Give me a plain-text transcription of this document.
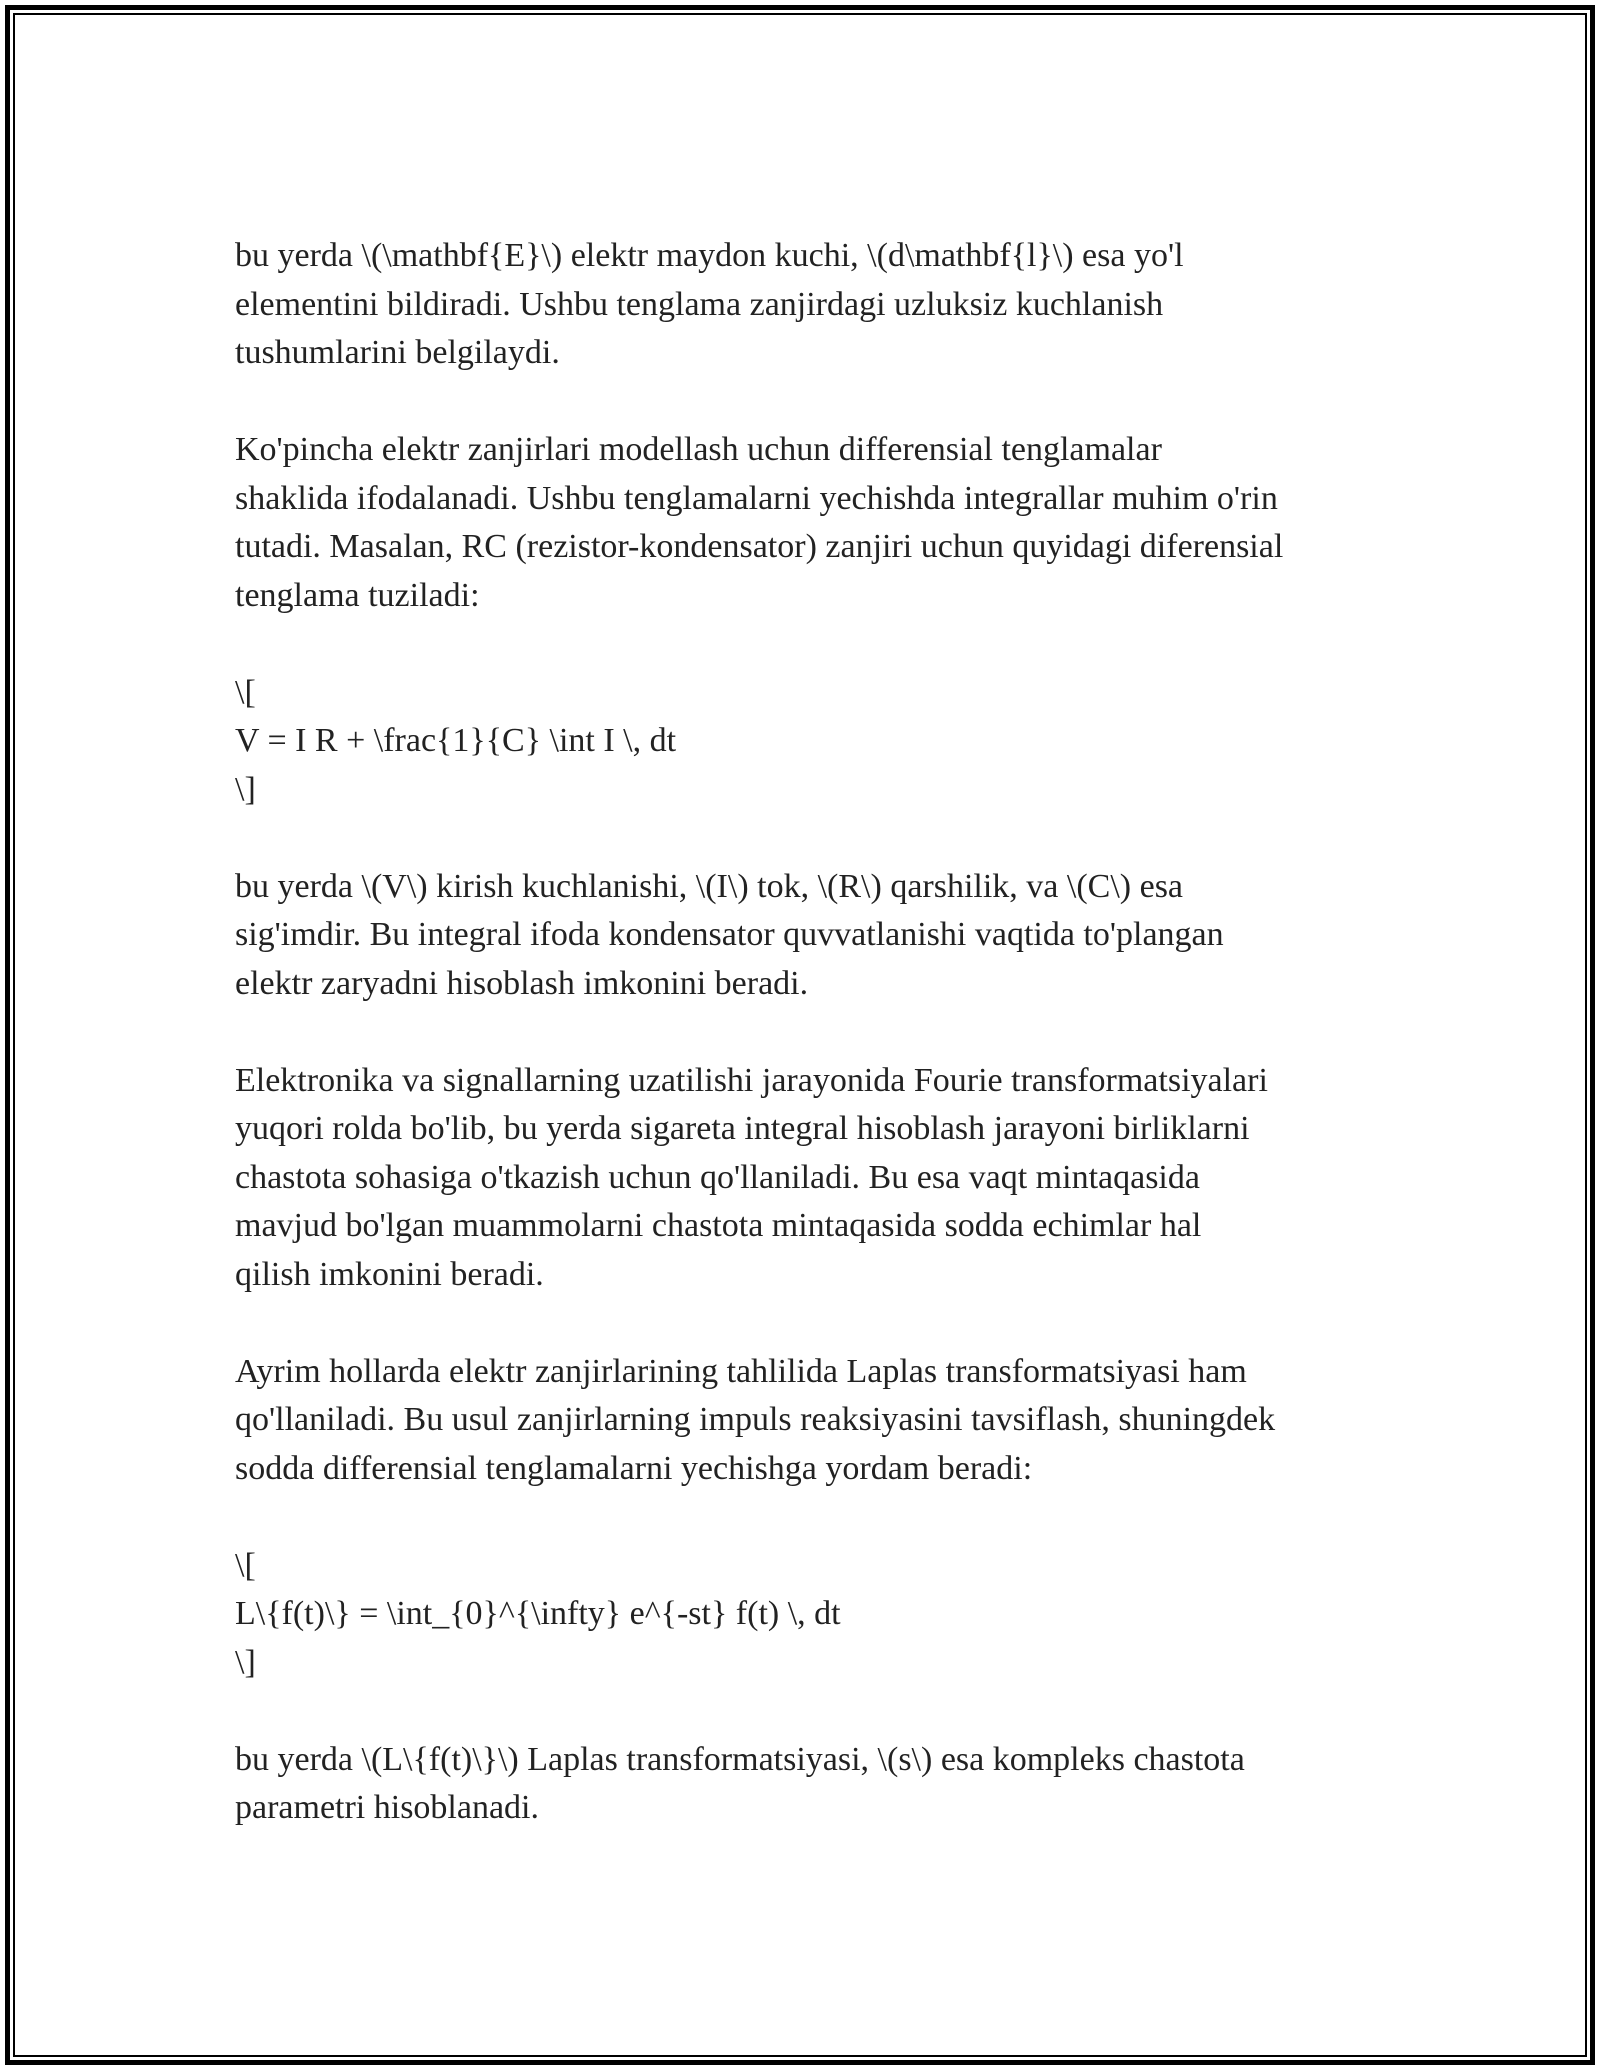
bu yerda \(\mathbf{E}\) elektr maydon kuchi, \(d\mathbf{l}\) esa yo'l
elementini bildiradi. Ushbu tenglama zanjirdagi uzluksiz kuchlanish
tushumlarini belgilaydi.

Ko'pincha elektr zanjirlari modellash uchun differensial tenglamalar
shaklida ifodalanadi. Ushbu tenglamalarni yechishda integrallar muhim o'rin
tutadi. Masalan, RC (rezistor-kondensator) zanjiri uchun quyidagi diferensial
tenglama tuziladi:

\[
V = I R + \frac{1}{C} \int I \, dt
\]

bu yerda \(V\) kirish kuchlanishi, \(I\) tok, \(R\) qarshilik, va \(C\) esa
sig'imdir. Bu integral ifoda kondensator quvvatlanishi vaqtida to'plangan
elektr zaryadni hisoblash imkonini beradi.

Elektronika va signallarning uzatilishi jarayonida Fourie transformatsiyalari
yuqori rolda bo'lib, bu yerda sigareta integral hisoblash jarayoni birliklarni
chastota sohasiga o'tkazish uchun qo'llaniladi. Bu esa vaqt mintaqasida
mavjud bo'lgan muammolarni chastota mintaqasida sodda echimlar hal
qilish imkonini beradi.

Ayrim hollarda elektr zanjirlarining tahlilida Laplas transformatsiyasi ham
qo'llaniladi. Bu usul zanjirlarning impuls reaksiyasini tavsiflash, shuningdek
sodda differensial tenglamalarni yechishga yordam beradi:

\[
L\{f(t)\} = \int_{0}^{\infty} e^{-st} f(t) \, dt
\]

bu yerda \(L\{f(t)\}\) Laplas transformatsiyasi, \(s\) esa kompleks chastota
parametri hisoblanadi.
